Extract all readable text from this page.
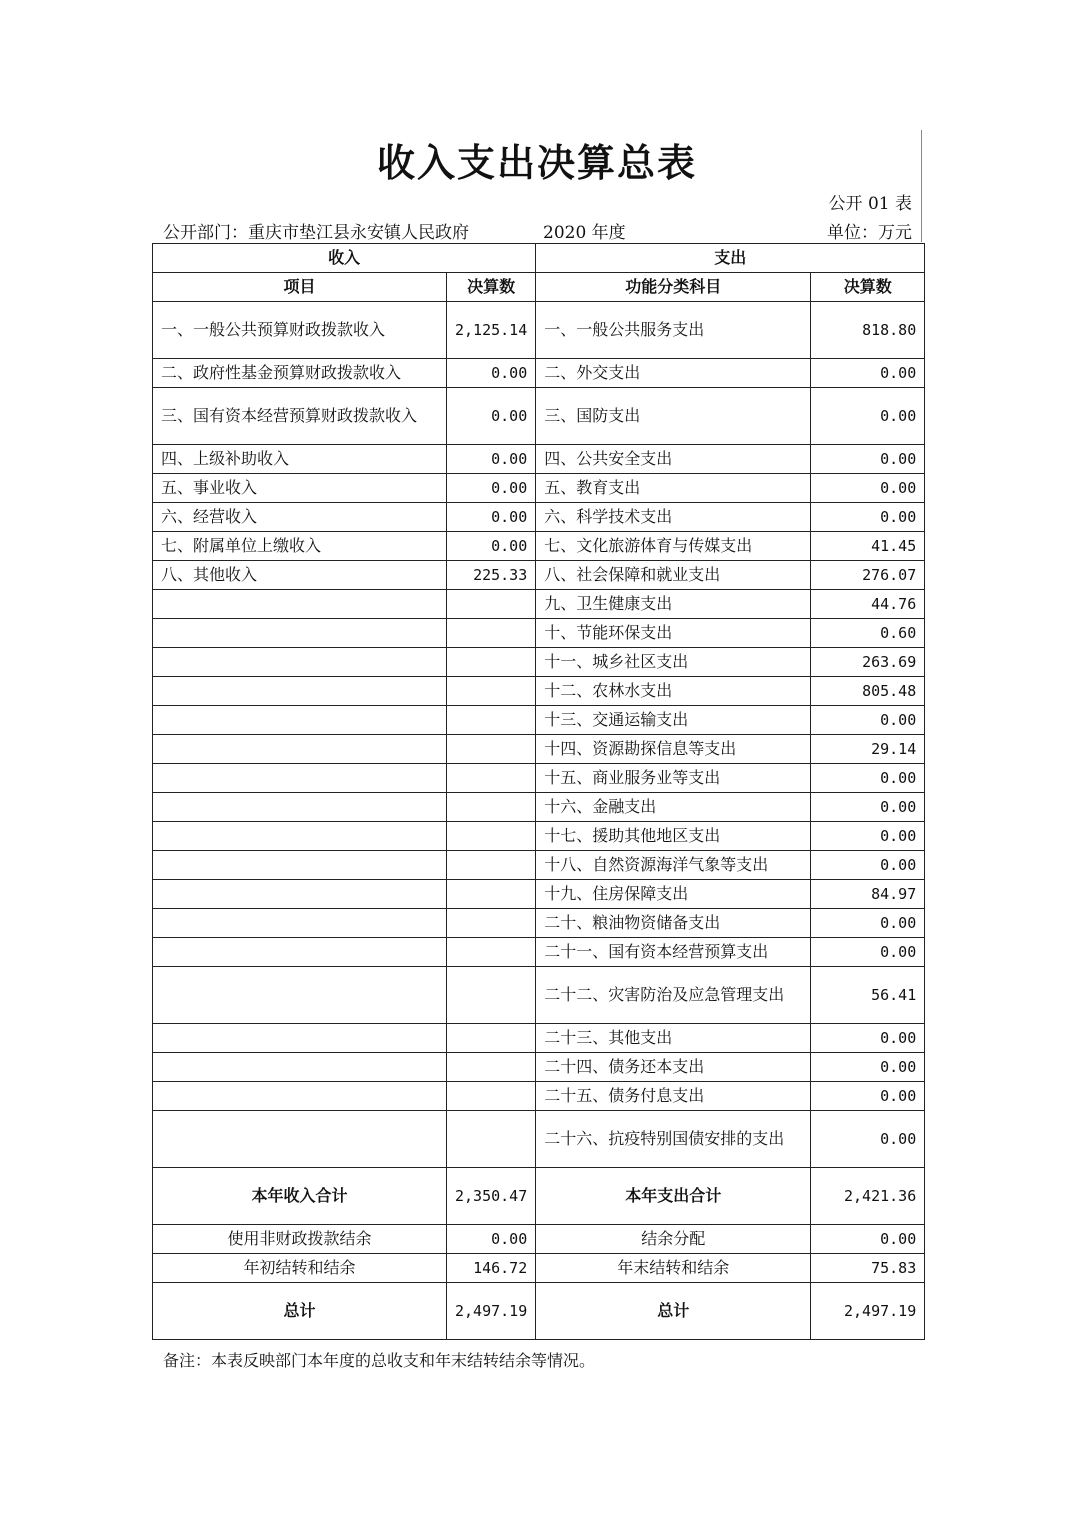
收入支出决算总表
公开 01 表
公开部门：重庆市垫江县永安镇人民政府	2020 年度	单位：万元
收入		支出	
项目	决算数	功能分类科目	决算数
一、一般公共预算财政拨款收入	2,125.14	一、一般公共服务支出	818.80
二、政府性基金预算财政拨款收入	0.00	二、外交支出	0.00
三、国有资本经营预算财政拨款收入	0.00	三、国防支出	0.00
四、上级补助收入	0.00	四、公共安全支出	0.00
五、事业收入	0.00	五、教育支出	0.00
六、经营收入	0.00	六、科学技术支出	0.00
七、附属单位上缴收入	0.00	七、文化旅游体育与传媒支出	41.45
八、其他收入	225.33	八、社会保障和就业支出	276.07
		九、卫生健康支出	44.76
		十、节能环保支出	0.60
		十一、城乡社区支出	263.69
		十二、农林水支出	805.48
		十三、交通运输支出	0.00
		十四、资源勘探信息等支出	29.14
		十五、商业服务业等支出	0.00
		十六、金融支出	0.00
		十七、援助其他地区支出	0.00
		十八、自然资源海洋气象等支出	0.00
		十九、住房保障支出	84.97
		二十、粮油物资储备支出	0.00
		二十一、国有资本经营预算支出	0.00
		二十二、灾害防治及应急管理支出	56.41
		二十三、其他支出	0.00
		二十四、债务还本支出	0.00
		二十五、债务付息支出	0.00
		二十六、抗疫特别国债安排的支出	0.00
本年收入合计	2,350.47	本年支出合计	2,421.36
使用非财政拨款结余	0.00	结余分配	0.00
年初结转和结余	146.72	年末结转和结余	75.83
总计	2,497.19	总计	2,497.19
备注：本表反映部门本年度的总收支和年末结转结余等情况。
